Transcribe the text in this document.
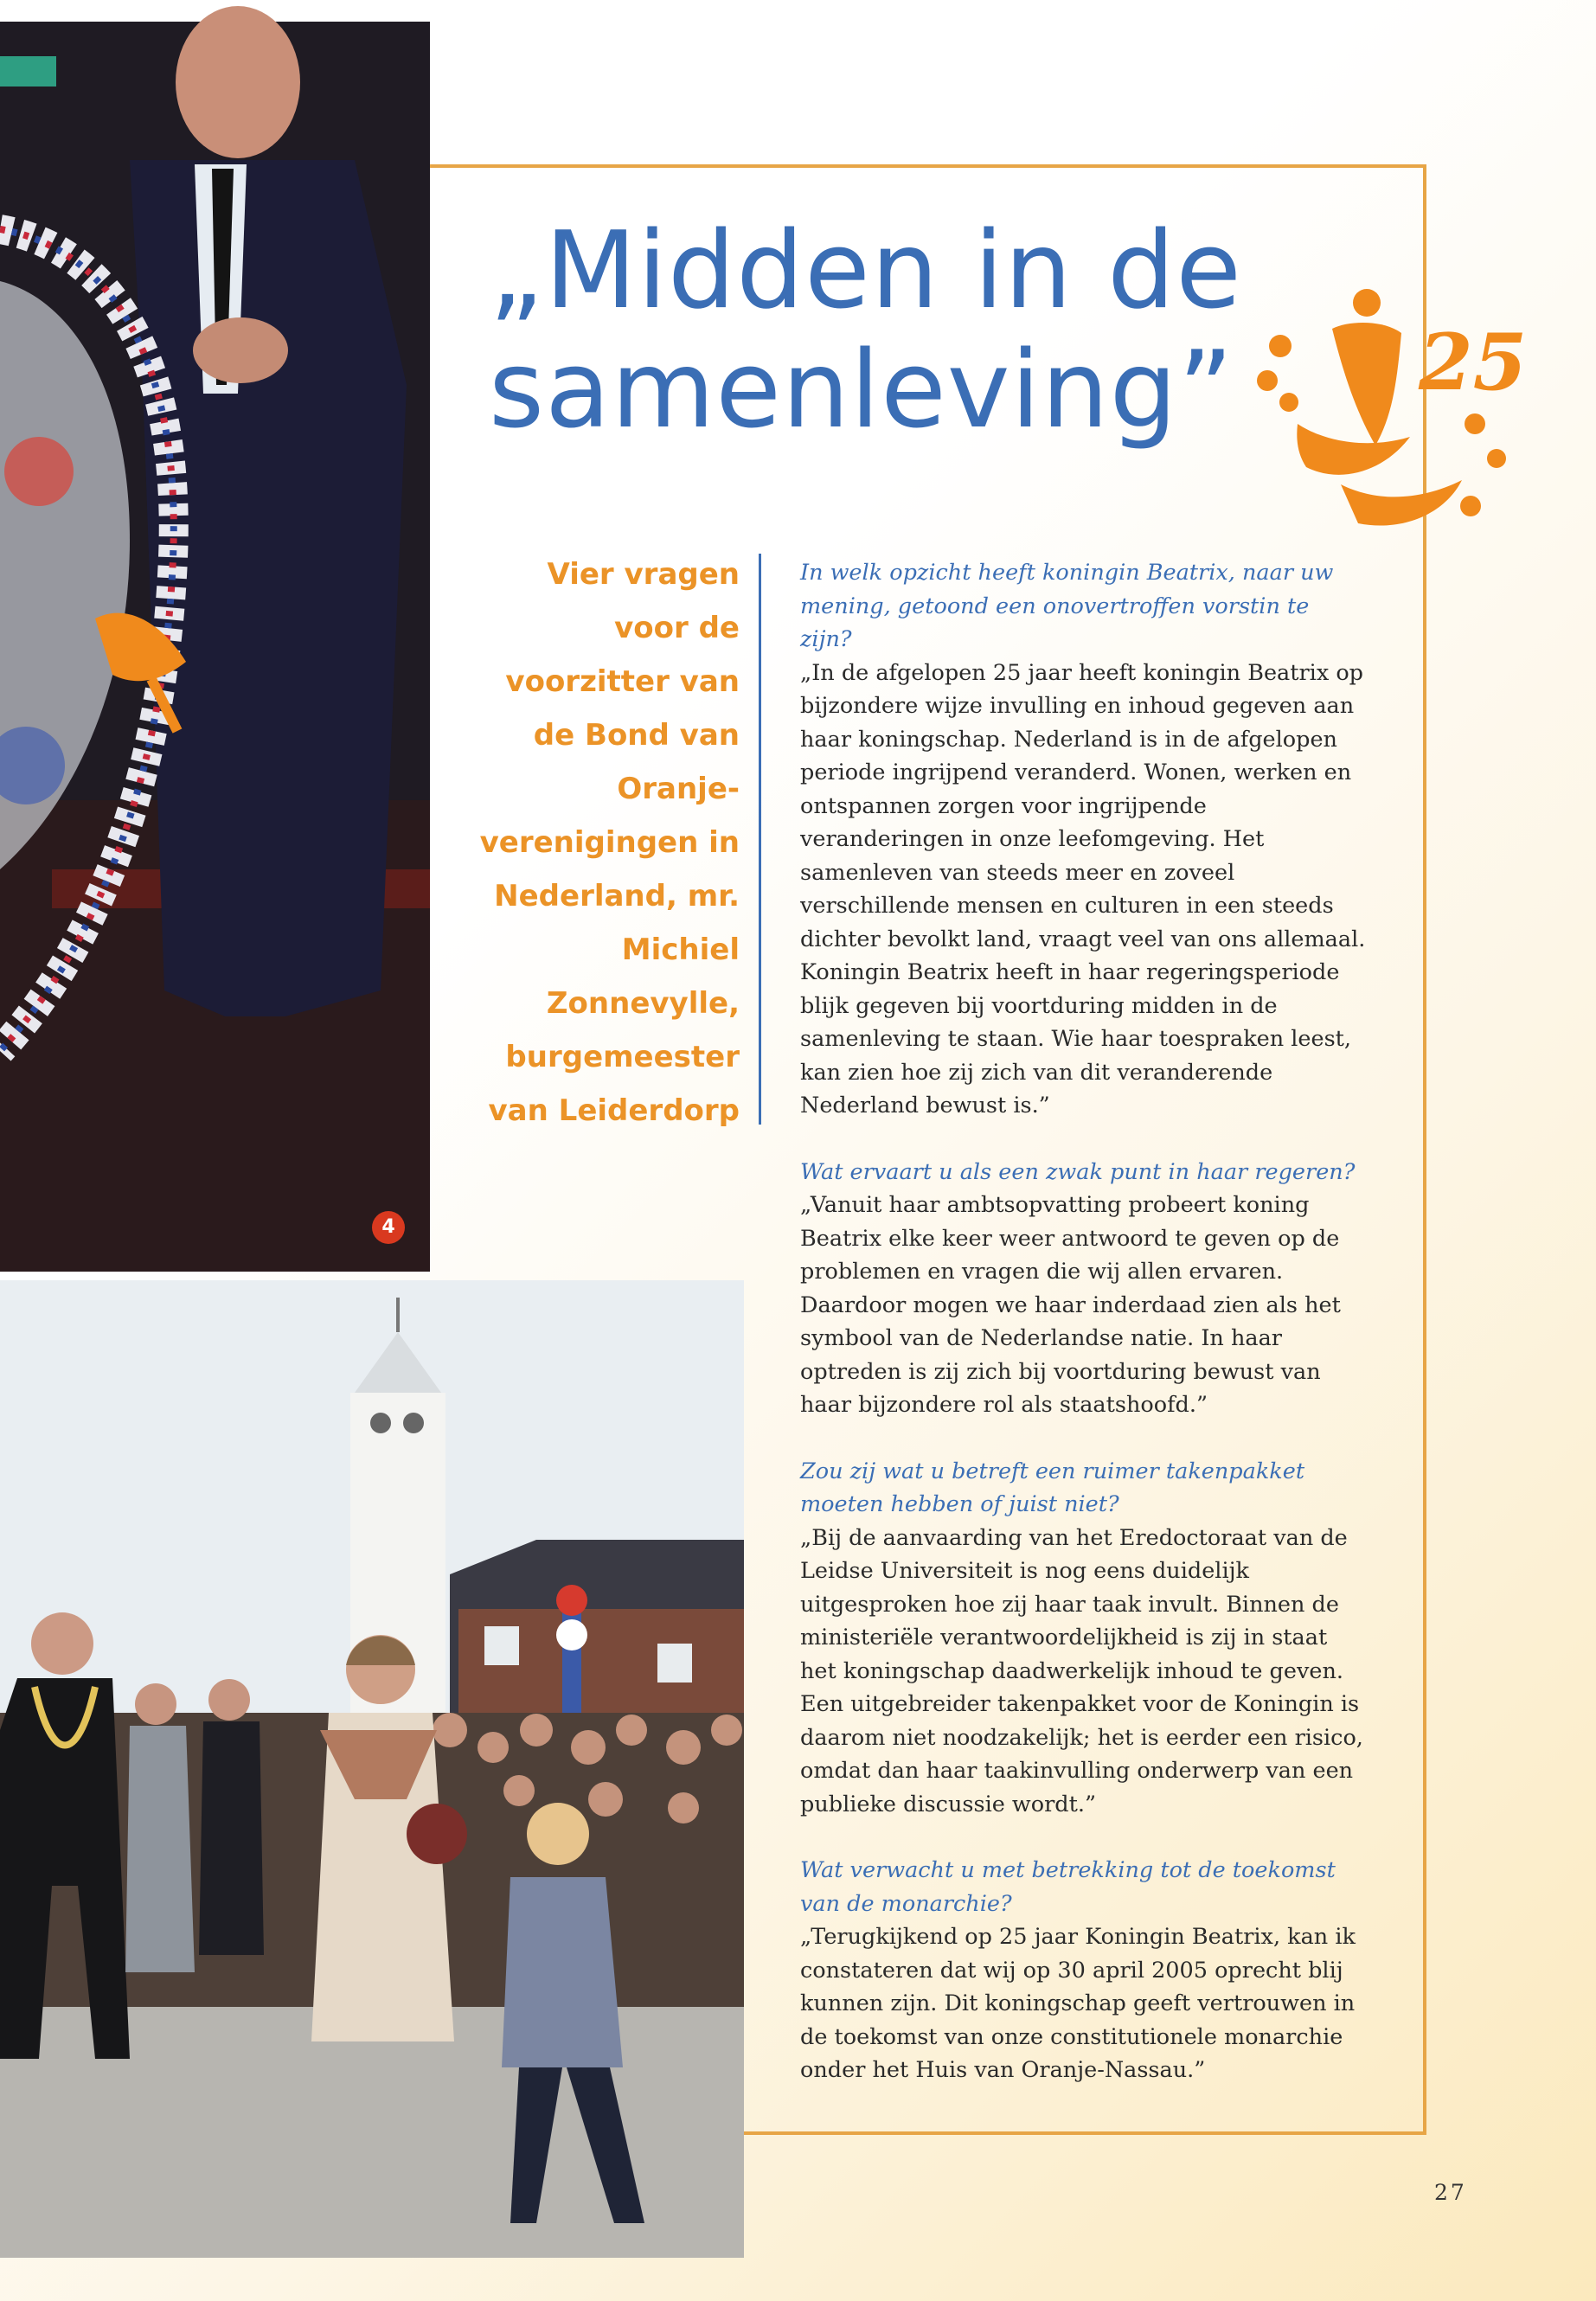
4
„Midden in de
samenleving”	25
Vier vragen voor de voorzitter van de Bond van Oranje-verenigingen in Nederland, mr. Michiel Zonnevylle, burgemeester van Leiderdorp

In welk opzicht heeft koningin Beatrix, naar uw mening, getoond een onovertroffen vorstin te zijn?

„In de afgelopen 25 jaar heeft koningin Beatrix op bijzondere wijze invulling en inhoud gegeven aan haar koningschap. Nederland is in de afgelopen periode ingrijpend veranderd. Wonen, werken en ontspannen zorgen voor ingrijpende veranderingen in onze leefomgeving. Het samenleven van steeds meer en zoveel verschillende mensen en culturen in een steeds dichter bevolkt land, vraagt veel van ons allemaal. Koningin Beatrix heeft in haar regeringsperiode blijk gegeven bij voortduring midden in de samenleving te staan. Wie haar toespraken leest, kan zien hoe zij zich van dit veranderende Nederland bewust is.”

Wat ervaart u als een zwak punt in haar regeren?

„Vanuit haar ambtsopvatting probeert koning Beatrix elke keer weer antwoord te geven op de problemen en vragen die wij allen ervaren. Daardoor mogen we haar inderdaad zien als het symbool van de Nederlandse natie. In haar optreden is zij zich bij voortduring bewust van haar bijzondere rol als staatshoofd.”

Zou zij wat u betreft een ruimer takenpakket moeten hebben of juist niet?

„Bij de aanvaarding van het Eredoctoraat van de Leidse Universiteit is nog eens duidelijk uitgesproken hoe zij haar taak invult. Binnen de ministeriële verantwoordelijkheid is zij in staat het koningschap daadwerkelijk inhoud te geven. Een uitgebreider takenpakket voor de Koningin is daarom niet noodzakelijk; het is eerder een risico, omdat dan haar taakinvulling onderwerp van een publieke discussie wordt.”

Wat verwacht u met betrekking tot de toekomst van de monarchie?

„Terugkijkend op 25 jaar Koningin Beatrix, kan ik constateren dat wij op 30 april 2005 oprecht blij kunnen zijn. Dit koningschap geeft vertrouwen in de toekomst van onze constitutionele monarchie onder het Huis van Oranje-Nassau.”

27
